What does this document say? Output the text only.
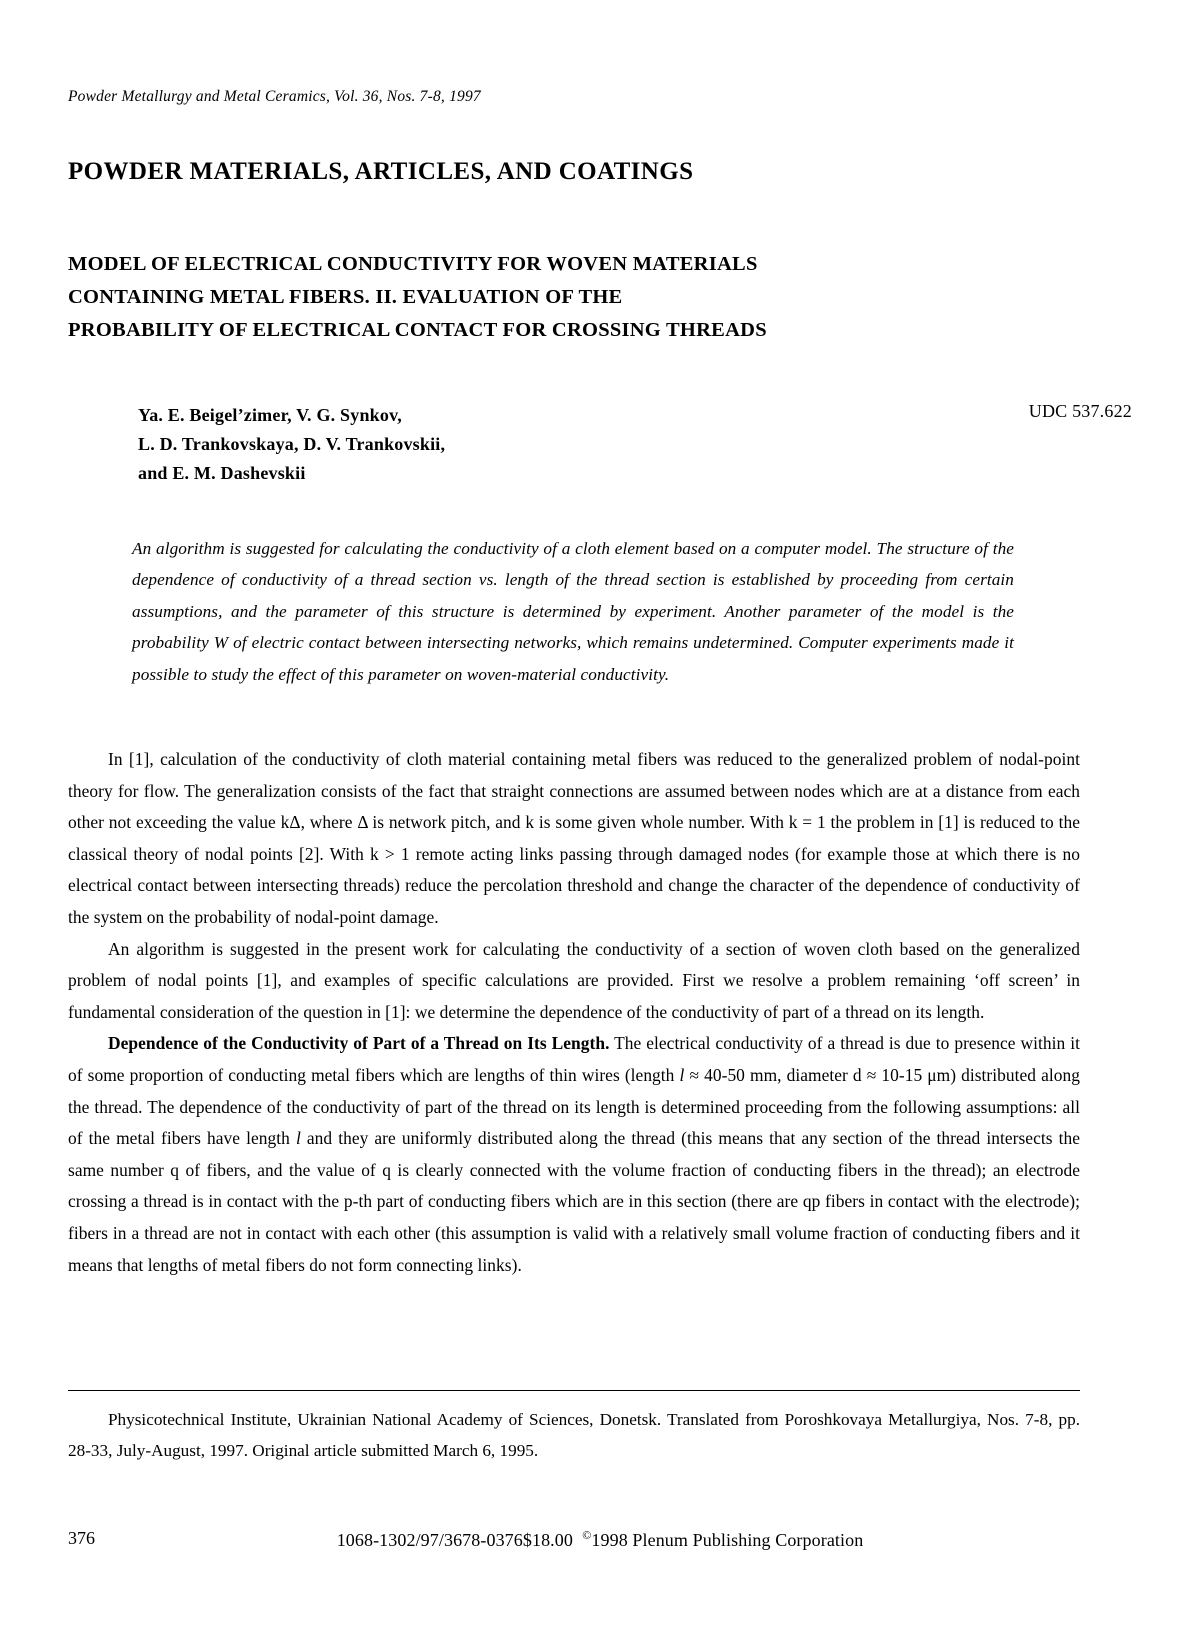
Powder Metallurgy and Metal Ceramics, Vol. 36, Nos. 7-8, 1997
POWDER MATERIALS, ARTICLES, AND COATINGS
MODEL OF ELECTRICAL CONDUCTIVITY FOR WOVEN MATERIALS
CONTAINING METAL FIBERS. II. EVALUATION OF THE
PROBABILITY OF ELECTRICAL CONTACT FOR CROSSING THREADS
Ya. E. Beigel’zimer, V. G. Synkov,
L. D. Trankovskaya, D. V. Trankovskii,
and E. M. Dashevskii
UDC 537.622
An algorithm is suggested for calculating the conductivity of a cloth element based on a computer model. The structure of the dependence of conductivity of a thread section vs. length of the thread section is established by proceeding from certain assumptions, and the parameter of this structure is determined by experiment. Another parameter of the model is the probability W of electric contact between intersecting networks, which remains undetermined. Computer experiments made it possible to study the effect of this parameter on woven-material conductivity.

In [1], calculation of the conductivity of cloth material containing metal fibers was reduced to the generalized problem of nodal-point theory for flow. The generalization consists of the fact that straight connections are assumed between nodes which are at a distance from each other not exceeding the value kΔ, where Δ is network pitch, and k is some given whole number. With k = 1 the problem in [1] is reduced to the classical theory of nodal points [2]. With k > 1 remote acting links passing through damaged nodes (for example those at which there is no electrical contact between intersecting threads) reduce the percolation threshold and change the character of the dependence of conductivity of the system on the probability of nodal-point damage.

An algorithm is suggested in the present work for calculating the conductivity of a section of woven cloth based on the generalized problem of nodal points [1], and examples of specific calculations are provided. First we resolve a problem remaining ‘off screen’ in fundamental consideration of the question in [1]: we determine the dependence of the conductivity of part of a thread on its length.

Dependence of the Conductivity of Part of a Thread on Its Length. The electrical conductivity of a thread is due to presence within it of some proportion of conducting metal fibers which are lengths of thin wires (length l ≈ 40-50 mm, diameter d ≈ 10-15 μm) distributed along the thread. The dependence of the conductivity of part of the thread on its length is determined proceeding from the following assumptions: all of the metal fibers have length l and they are uniformly distributed along the thread (this means that any section of the thread intersects the same number q of fibers, and the value of q is clearly connected with the volume fraction of conducting fibers in the thread); an electrode crossing a thread is in contact with the p-th part of conducting fibers which are in this section (there are qp fibers in contact with the electrode); fibers in a thread are not in contact with each other (this assumption is valid with a relatively small volume fraction of conducting fibers and it means that lengths of metal fibers do not form connecting links).

Physicotechnical Institute, Ukrainian National Academy of Sciences, Donetsk. Translated from Poroshkovaya Metallurgiya, Nos. 7-8, pp. 28-33, July-August, 1997. Original article submitted March 6, 1995.

376	1068-1302/97/3678-0376$18.00 ©1998 Plenum Publishing Corporation
